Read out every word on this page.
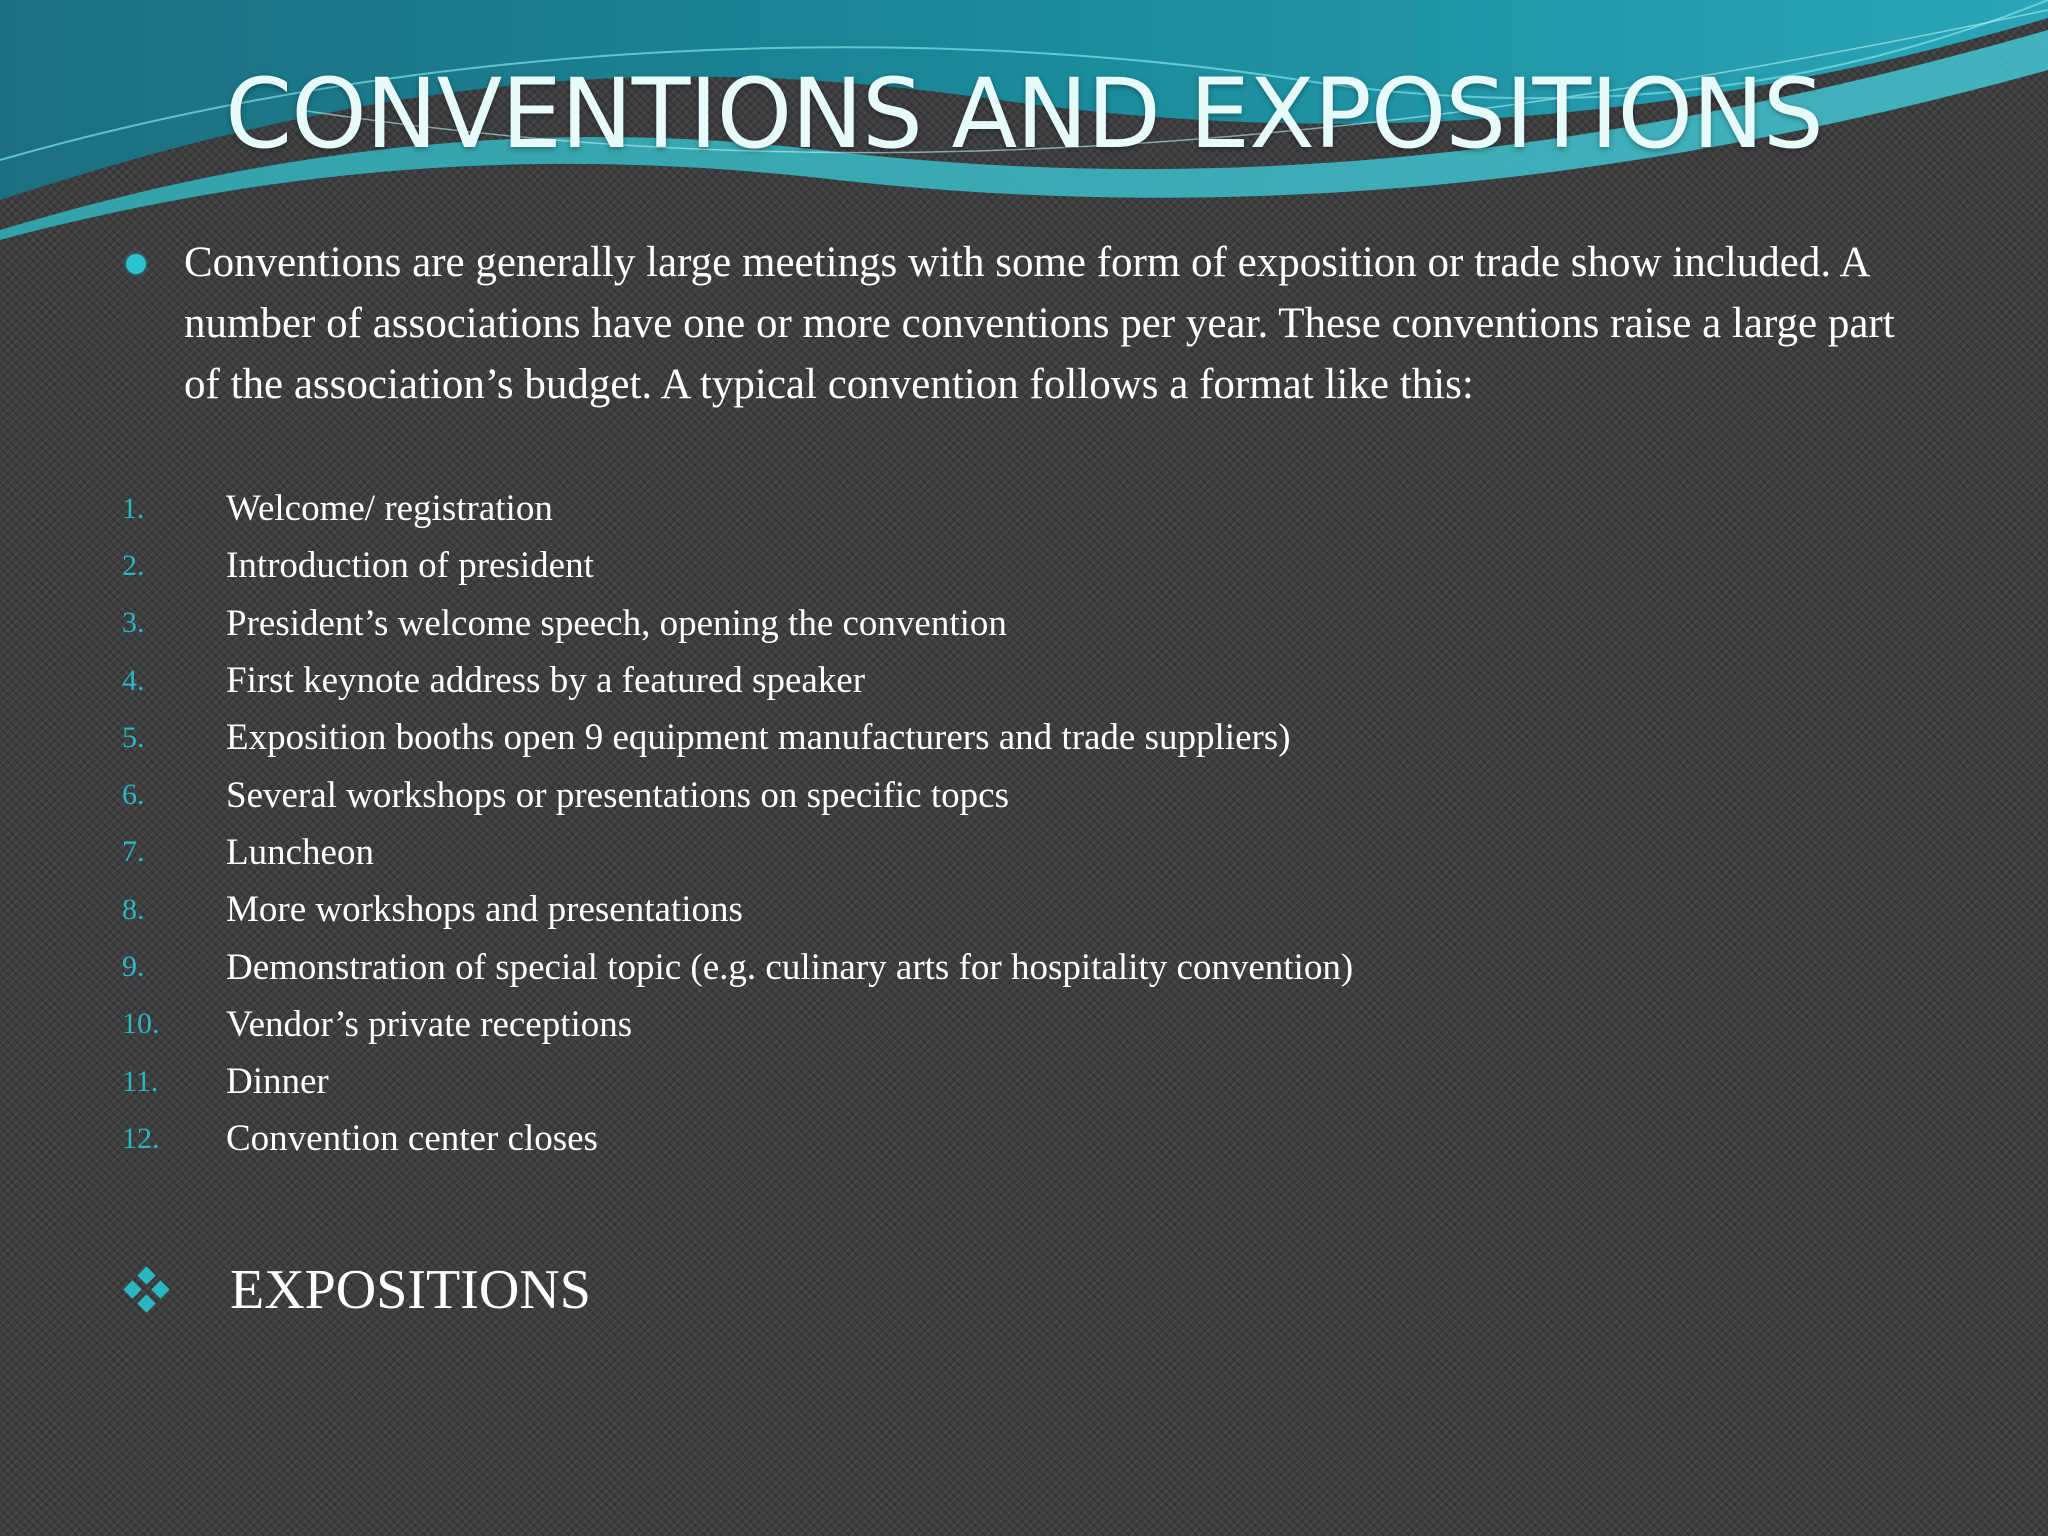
CONVENTIONS AND EXPOSITIONS
Conventions are generally large meetings with some form of exposition or trade show included. A number of associations have one or more conventions per year. These conventions raise a large part of the association’s budget. A typical convention follows a format like this:
1.	Welcome/ registration
2.	Introduction of president
3.	President’s welcome speech, opening the convention
4.	First keynote address by a featured speaker
5.	Exposition booths open 9 equipment manufacturers and trade suppliers)
6.	Several workshops or presentations on specific topcs
7.	Luncheon
8.	More workshops and presentations
9.	Demonstration of special topic (e.g. culinary arts for hospitality convention)
10.	Vendor’s private receptions
11.	Dinner
12.	Convention center closes
EXPOSITIONS
